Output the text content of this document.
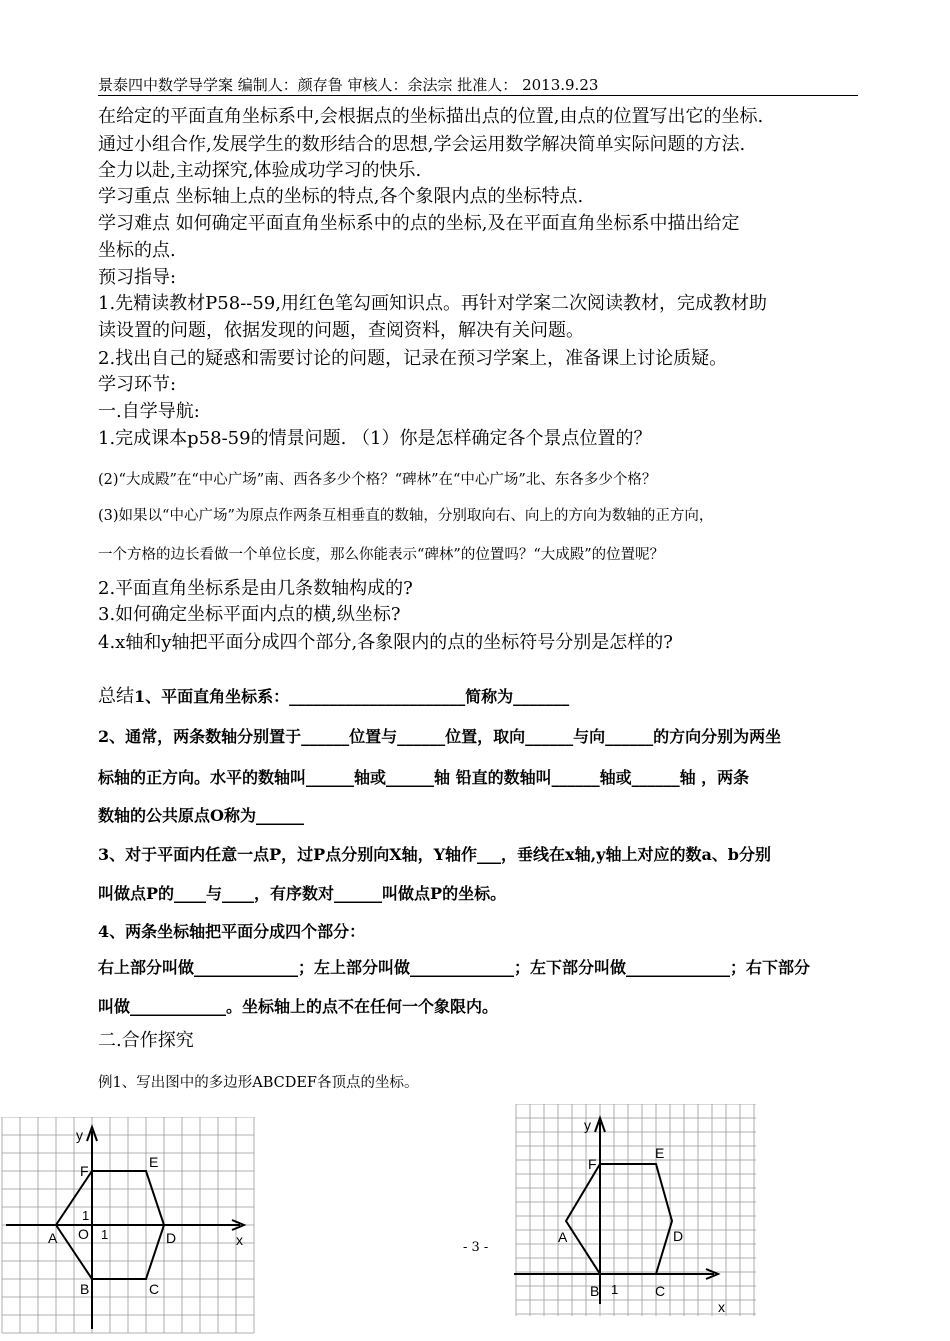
景泰四中数学导学案 编制人：颜存鲁 审核人：余法宗 批准人： 2013.9.23
在给定的平面直角坐标系中,会根据点的坐标描出点的位置,由点的位置写出它的坐标.
通过小组合作,发展学生的数形结合的思想,学会运用数学解决简单实际问题的方法.
全力以赴,主动探究,体验成功学习的快乐.
学习重点 坐标轴上点的坐标的特点,各个象限内点的坐标特点.
学习难点 如何确定平面直角坐标系中的点的坐标,及在平面直角坐标系中描出给定
坐标的点.
预习指导:
1.先精读教材P58--59,用红色笔勾画知识点。再针对学案二次阅读教材，完成教材助
读设置的问题，依据发现的问题，查阅资料，解决有关问题。
2.找出自己的疑惑和需要讨论的问题，记录在预习学案上，准备课上讨论质疑。
学习环节:
一.自学导航:
1.完成课本p58-59的情景问题. （1）你是怎样确定各个景点位置的？
(2)“大成殿”在“中心广场”南、西各多少个格？“碑林”在“中心广场”北、东各多少个格？
(3)如果以“中心广场”为原点作两条互相垂直的数轴，分别取向右、向上的方向为数轴的正方向，
一个方格的边长看做一个单位长度，那么你能表示“碑林”的位置吗？“大成殿”的位置呢？
2.平面直角坐标系是由几条数轴构成的?
3.如何确定坐标平面内点的横,纵坐标?
4.x轴和y轴把平面分成四个部分,各象限内的点的坐标符号分别是怎样的?
总结1、平面直角坐标系：______________________简称为_______
2、通常，两条数轴分别置于______位置与______位置，取向______与向______的方向分别为两坐
标轴的正方向。水平的数轴叫______轴或______轴 铅直的数轴叫______轴或______轴 ，两条
数轴的公共原点O称为______
3、对于平面内任意一点P，过P点分别向X轴，Y轴作___，垂线在x轴,y轴上对应的数a、b分别
叫做点P的____与____，有序数对______叫做点P的坐标。
4、两条坐标轴把平面分成四个部分：
右上部分叫做_____________；左上部分叫做_____________；左下部分叫做_____________；右下部分
叫做____________。坐标轴上的点不在任何一个象限内。
二.合作探究
例1、写出图中的多边形ABCDEF各顶点的坐标。
y
x
O 1
1
A
B	C
D
E
F
- 3 -
y
x
1
A
B	C
D
E
F
